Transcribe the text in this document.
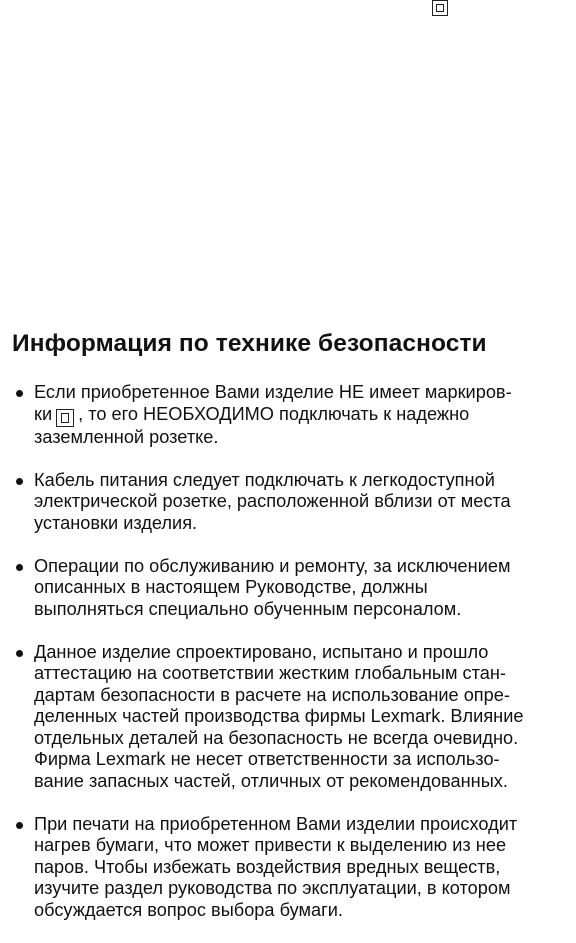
Информация по технике безопасности
Если приобретенное Вами изделие НЕ имеет маркиров-
ки , то его НЕОБХОДИМО подключать к надежно
заземленной розетке.
Кабель питания следует подключать к легкодоступной
электрической розетке, расположенной вблизи от места
установки изделия.
Операции по обслуживанию и ремонту, за исключением
описанных в настоящем Руководстве, должны
выполняться специально обученным персоналом.
Данное изделие спроектировано, испытано и прошло
аттестацию на соответствии жестким глобальным стан-
дартам безопасности в расчете на использование опре-
деленных частей производства фирмы Lexmark. Влияние
отдельных деталей на безопасность не всегда очевидно.
Фирма Lexmark не несет ответственности за использо-
вание запасных частей, отличных от рекомендованных.
При печати на приобретенном Вами изделии происходит
нагрев бумаги, что может привести к выделению из нее
паров. Чтобы избежать воздействия вредных веществ,
изучите раздел руководства по эксплуатации, в котором
обсуждается вопрос выбора бумаги.
